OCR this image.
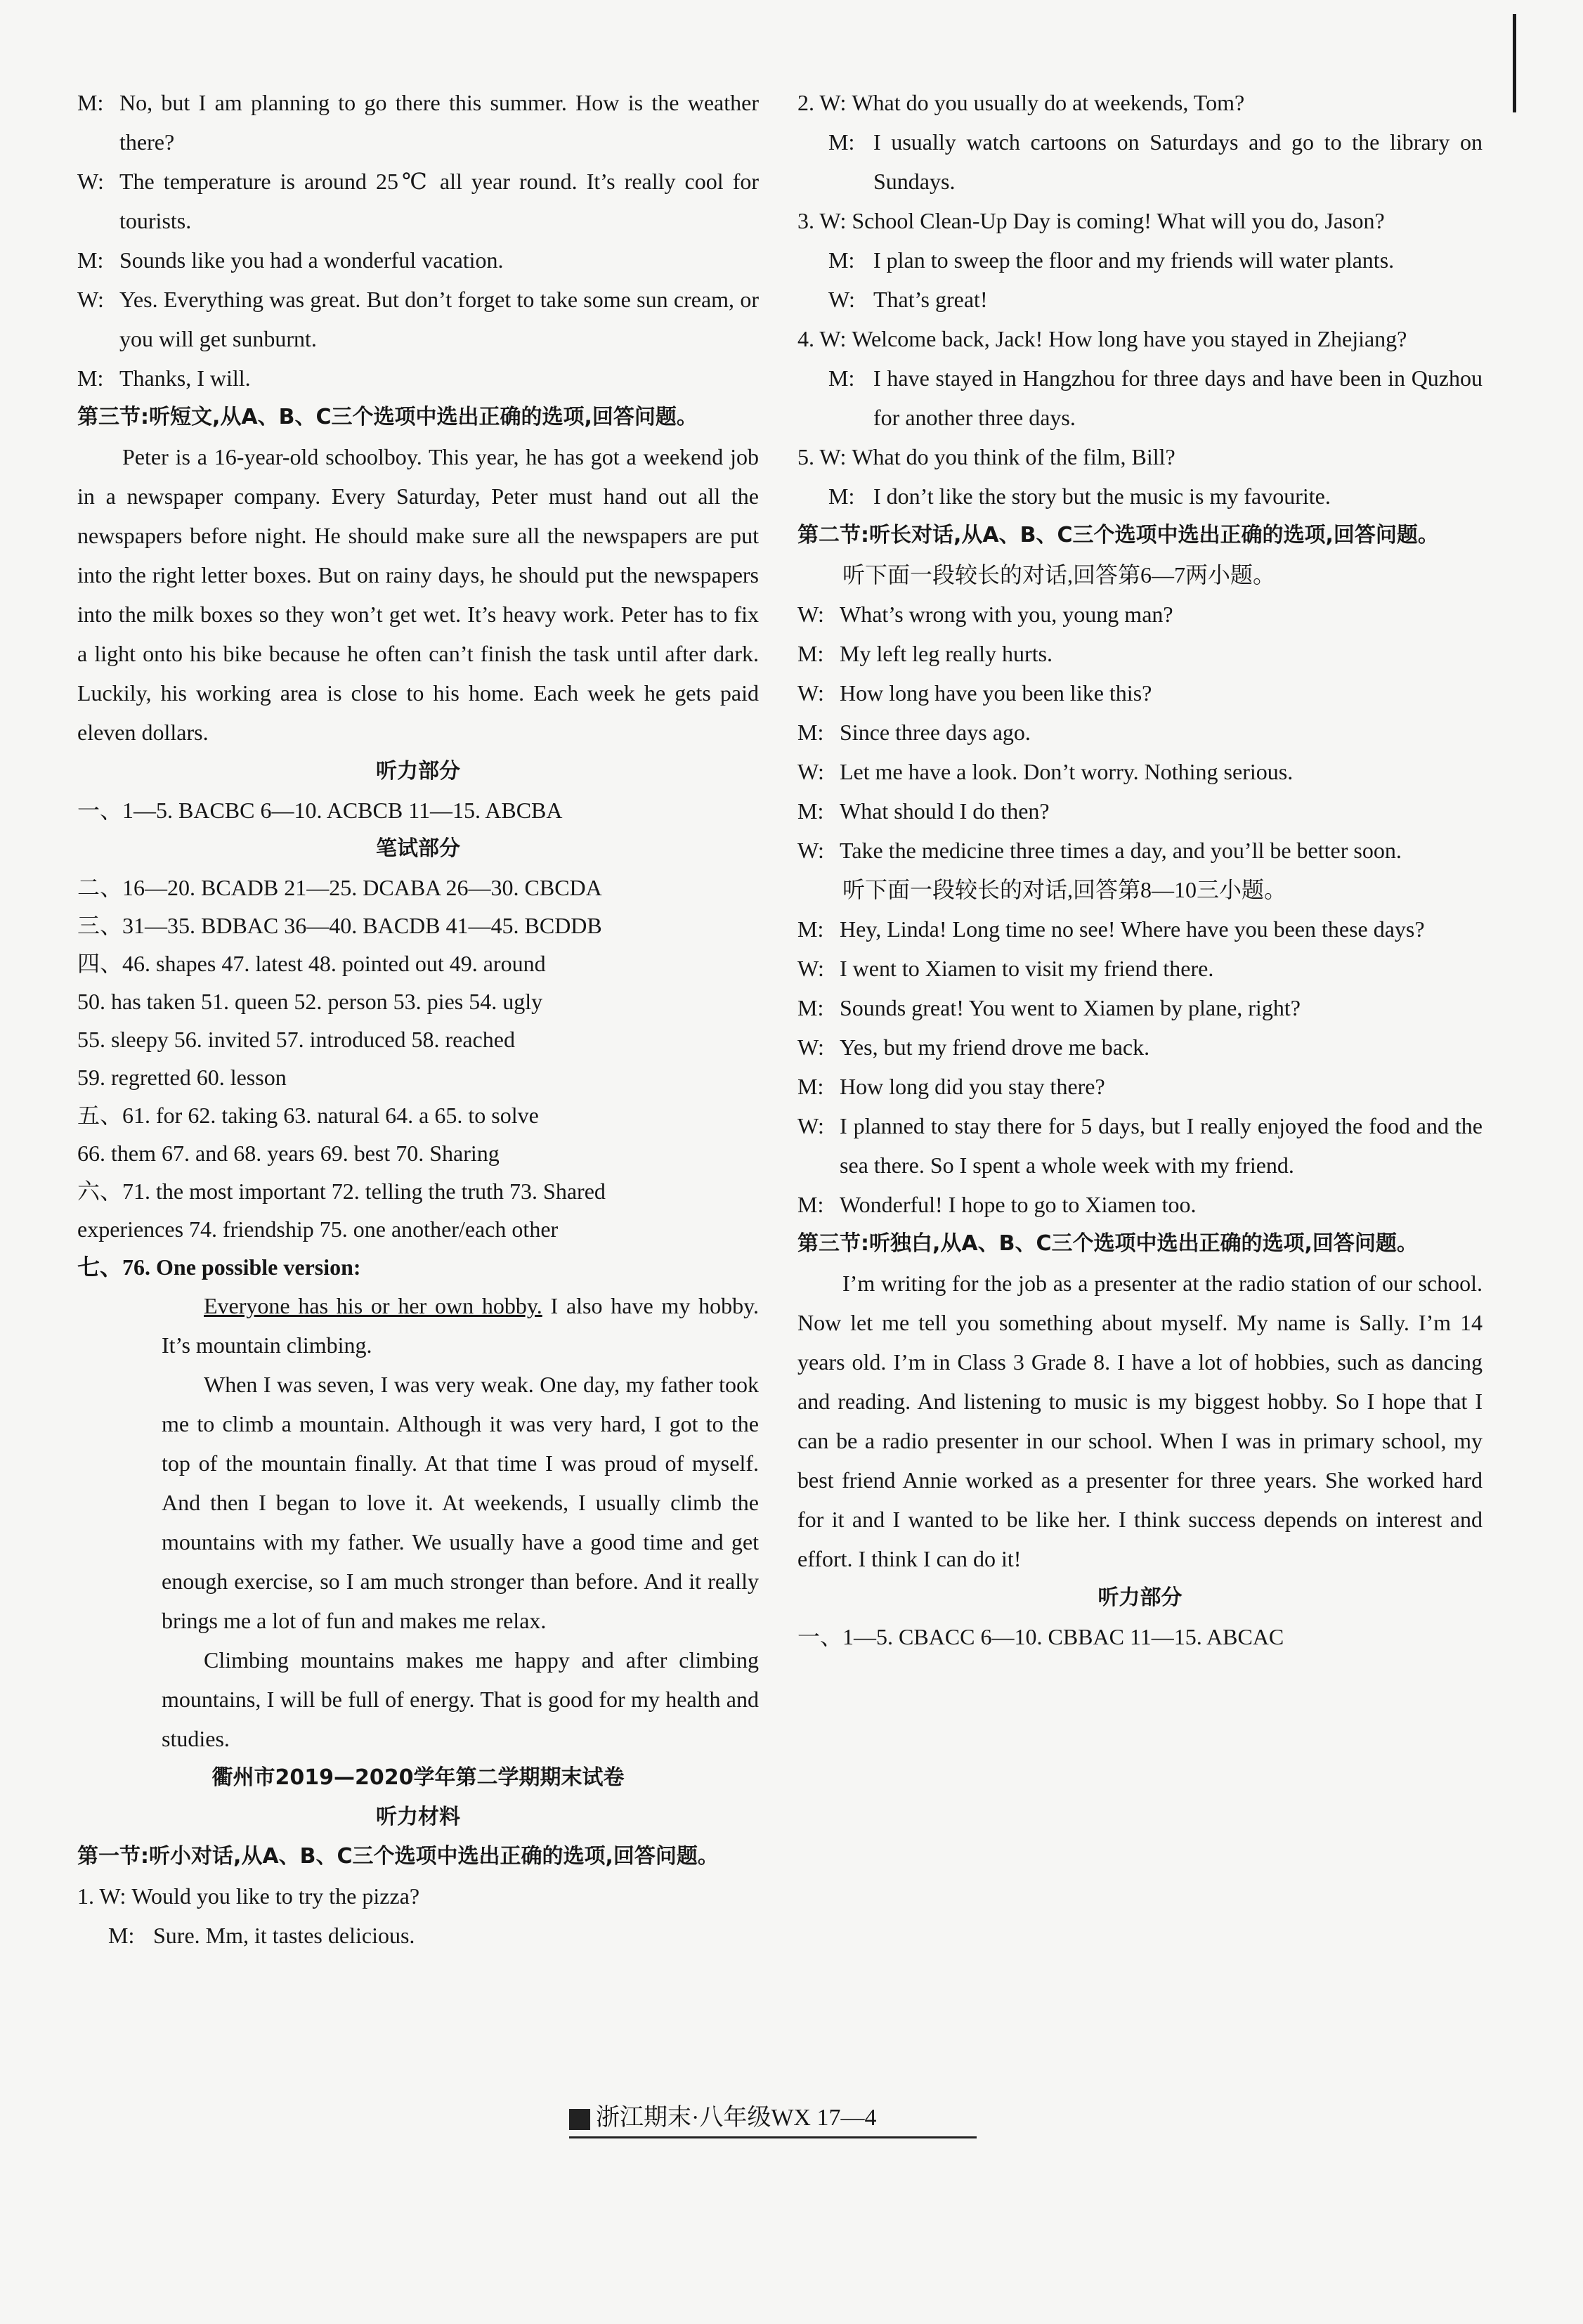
M: No, but I am planning to go there this summer. How is the weather there?
W: The temperature is around 25℃ all year round. It’s really cool for tourists.
M: Sounds like you had a wonderful vacation.
W: Yes. Everything was great. But don’t forget to take some sun cream, or you will get sunburnt.
M: Thanks, I will.
第三节:听短文,从A、B、C三个选项中选出正确的选项,回答问题。
Peter is a 16-year-old schoolboy. This year, he has got a weekend job in a newspaper company. Every Saturday, Peter must hand out all the newspapers before night. He should make sure all the newspapers are put into the right letter boxes. But on rainy days, he should put the newspapers into the milk boxes so they won’t get wet. It’s heavy work. Peter has to fix a light onto his bike because he often can’t finish the task until after dark. Luckily, his working area is close to his home. Each week he gets paid eleven dollars.
听力部分
一、1—5. BACBC 6—10. ACBCB 11—15. ABCBA
笔试部分
二、16—20. BCADB 21—25. DCABA 26—30. CBCDA
三、31—35. BDBAC 36—40. BACDB 41—45. BCDDB
四、46. shapes 47. latest 48. pointed out 49. around
50. has taken 51. queen 52. person 53. pies 54. ugly
55. sleepy 56. invited 57. introduced 58. reached
59. regretted 60. lesson
五、61. for 62. taking 63. natural 64. a 65. to solve
66. them 67. and 68. years 69. best 70. Sharing
六、71. the most important 72. telling the truth 73. Shared
experiences 74. friendship 75. one another/each other
七、76. One possible version:
Everyone has his or her own hobby. I also have my hobby. It’s mountain climbing.
When I was seven, I was very weak. One day, my father took me to climb a mountain. Although it was very hard, I got to the top of the mountain finally. At that time I was proud of myself. And then I began to love it. At weekends, I usually climb the mountains with my father. We usually have a good time and get enough exercise, so I am much stronger than before. And it really brings me a lot of fun and makes me relax.
Climbing mountains makes me happy and after climbing mountains, I will be full of energy. That is good for my health and studies.
衢州市2019—2020学年第二学期期末试卷
听力材料
第一节:听小对话,从A、B、C三个选项中选出正确的选项,回答问题。
1. W:
Would you like to try the pizza?
M: Sure. Mm, it tastes delicious.
2. W:
What do you usually do at weekends, Tom?
M: I usually watch cartoons on Saturdays and go to the library on Sundays.
3. W:
School Clean-Up Day is coming! What will you do, Jason?
M: I plan to sweep the floor and my friends will water plants.
W: That’s great!
4. W:
Welcome back, Jack! How long have you stayed in Zhejiang?
M: I have stayed in Hangzhou for three days and have been in Quzhou for another three days.
5. W:
What do you think of the film, Bill?
M: I don’t like the story but the music is my favourite.
第二节:听长对话,从A、B、C三个选项中选出正确的选项,回答问题。
听下面一段较长的对话,回答第6—7两小题。
W: What’s wrong with you, young man?
M: My left leg really hurts.
W: How long have you been like this?
M: Since three days ago.
W: Let me have a look. Don’t worry. Nothing serious.
M: What should I do then?
W: Take the medicine three times a day, and you’ll be better soon.
听下面一段较长的对话,回答第8—10三小题。
M: Hey, Linda! Long time no see! Where have you been these days?
W: I went to Xiamen to visit my friend there.
M: Sounds great! You went to Xiamen by plane, right?
W: Yes, but my friend drove me back.
M: How long did you stay there?
W: I planned to stay there for 5 days, but I really enjoyed the food and the sea there. So I spent a whole week with my friend.
M: Wonderful! I hope to go to Xiamen too.
第三节:听独白,从A、B、C三个选项中选出正确的选项,回答问题。
I’m writing for the job as a presenter at the radio station of our school. Now let me tell you something about myself. My name is Sally. I’m 14 years old. I’m in Class 3 Grade 8. I have a lot of hobbies, such as dancing and reading. And listening to music is my biggest hobby. So I hope that I can be a radio presenter in our school. When I was in primary school, my best friend Annie worked as a presenter for three years. She worked hard for it and I wanted to be like her. I think success depends on interest and effort. I think I can do it!
听力部分
一、1—5. CBACC 6—10. CBBAC 11—15. ABCAC
浙江期末·八年级WX 17—4
